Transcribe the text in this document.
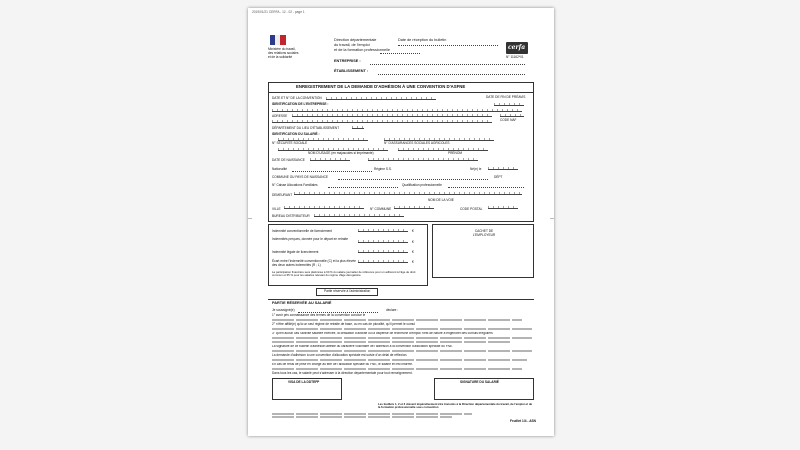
2019/01/21 CERFA - 12 - 02 - page 1
Ministère du travail,
des relations sociales
et de la solidarité
Direction départementale
du travail, de l'emploi
et de la formation professionnelle
Date de réception du bulletin
cerfa
N° 11162*01
ENTREPRISE :
ÉTABLISSEMENT :
ENREGISTREMENT DE LA DEMANDE D'ADHÉSION À UNE CONVENTION D'ASFNE
DATE ET N° DE LA CONVENTION	DATE DE FIN DE PRÉAVIS
IDENTIFICATION DE L'ENTREPRISE :
ADRESSE
CODE NAF
DÉPARTEMENT DU LIEU D'ÉTABLISSEMENT
IDENTIFICATION DU SALARIÉ :
N° SÉCURITÉ SOCIALE	N° D'ASSURANCES SOCIALES AGRICOLES
NOM D'USAGE (en majuscules si imprimante)	PRÉNOM
DATE DE NAISSANCE
Nationalité	Régime S.S.	Né(e) le
COMMUNE OU PAYS DE NAISSANCE	DÉPT
N° Caisse Allocations Familiales	Qualification professionnelle
DEMEURANT
NOM DE LA VOIE
VILLE	N° COMMUNE	CODE POSTAL
BUREAU DISTRIBUTEUR
Indemnité conventionnelle de licenciement	€
Indemnités perçues, donnée pour le départ en retraite
€
Indemnité légale de licenciement	€
Écart entre l'indemnité conventionnelle (C) et la plus élevée des deux autres indemnités (R ; L)
€
La participation financière sera plafonnée à 60 % du salaire journalier de référence pour un adhérent à l'âge de droit commun et 65 % pour les salariés relevant du régime d'âge dérogatoire.
Partie réservée à l'administration
CACHET DE L'EMPLOYEUR
PARTIE RÉSERVÉE AU SALARIÉ
Je soussigné(e)	déclare :
1° avoir pris connaissance des termes de la convention conclue le
2° n'être affilié(e) qu'à un seul régime de retraite de base, ou en cas de pluralité, qu'il permet le cumul
3° qu'en aucun cas l'activité salariée exercée, la cessation d'activité ou la dispense de recherche d'emploi n'est de nature à engendrer des cumuls irréguliers
La signature de ce bulletin d'adhésion atteste du caractère volontaire de l'adhésion à la convention d'allocation spéciale du FNE.
La demande d'adhésion à une convention d'allocation spéciale est suivie d'un délai de réflexion.
En cas de refus de prise en charge au titre de l'allocation spéciale du FNE, le salarié en est informé.
Dans tous les cas, le salarié peut s'adresser à la direction départementale pour tout renseignement.
VISA DE LA DDTEFP	SIGNATURE DU SALARIÉ
Les feuillets 1, 2 et 3 doivent impérativement être transmis à la Direction départementale du travail, de l'emploi et de la formation professionnelle sous convention
Feuillet 1/4 - ASN
